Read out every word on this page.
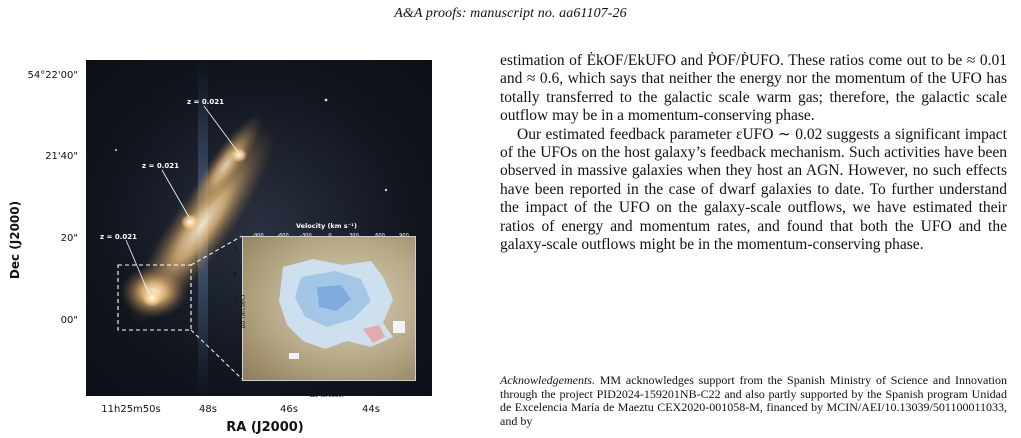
A&A proofs: manuscript no. aa61107-26
Dec (J2000)
54°22'00"
21'40"
20"
00"
z = 0.021
z = 0.021
z = 0.021
Velocity (km s⁻¹)
7
4
2
-1
-4
-7
7	4	2	-1	-4	-6
Δδ (arcsec)
Δα (arcsec)
11h25m50s	48s	46s	44s
RA (J2000)

estimation of ĖkOF/EkUFO and ṖOF/ṖUFO. These ratios come out to be ≈ 0.01 and ≈ 0.6, which says that neither the energy nor the momentum of the UFO has totally transferred to the galactic scale warm gas; therefore, the galactic scale outflow may be in a momentum-conserving phase.

Our estimated feedback parameter εUFO ∼ 0.02 suggests a significant impact of the UFOs on the host galaxy’s feedback mechanism. Such activities have been observed in massive galaxies when they host an AGN. However, no such effects have been reported in the case of dwarf galaxies to date. To further understand the impact of the UFO on the galaxy-scale outflows, we have estimated their ratios of energy and momentum rates, and found that both the UFO and the galaxy-scale outflows might be in the momentum-conserving phase.

Acknowledgements. MM acknowledges support from the Spanish Ministry of Science and Innovation through the project PID2024-159201NB-C22 and also partly supported by the Spanish program Unidad de Excelencia María de Maeztu CEX2020-001058-M, financed by MCIN/AEI/10.13039/501100011033, and by
